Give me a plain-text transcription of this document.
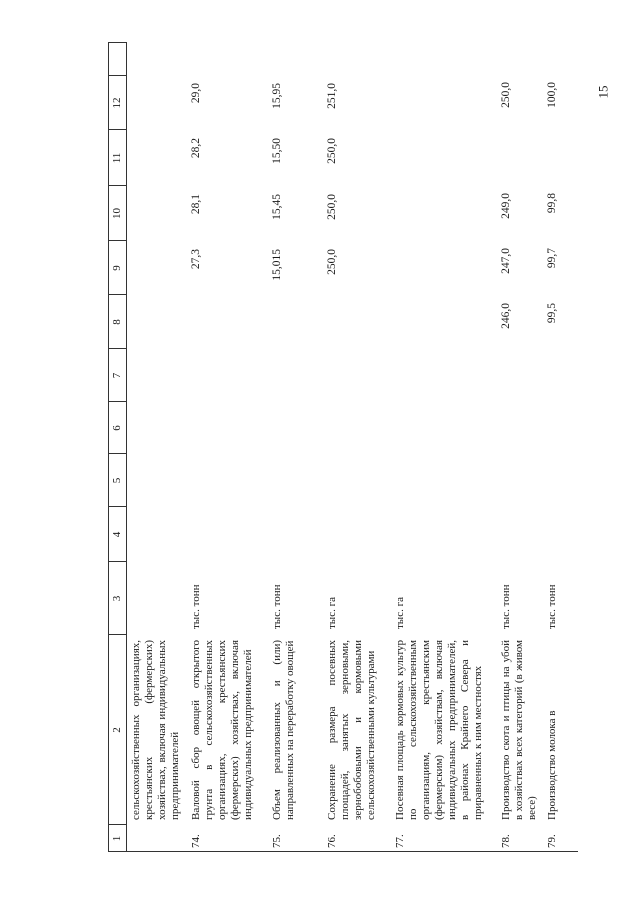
15
1
2
3
4
5
6
7
8
9
10
11
12
сельскохозяйственных организациях, крестьянских (фермерских) хозяйствах, включая индивидуальных предпринимателей
74.
Валовой сбор овощей открытого грунта в сельскохозяйственных организациях, крестьянских (фермерских) хозяйствах, включая индивидуальных предпринимателей
тыс. тонн
27,3
28,1
28,2
29,0
75.
Объем реализованных и (или) направленных на переработку овощей
тыс. тонн
15,015
15,45
15,50
15,95
76.
Сохранение размера посевных площадей, занятых зерновыми, зернобобовыми и кормовыми сельскохозяйственными культурами
тыс. га
250,0
250,0
250,0
251,0
77.
Посевная площадь кормовых культур по сельскохозяйственным организациям, крестьянским (фермерским) хозяйствам, включая индивидуальных предпринимателей, в районах Крайнего Севера и приравненных к ним местностях
тыс. га
78.
Производство скота и птицы на убой в хозяйствах всех категорий (в живом весе)
тыс. тонн
246,0
247,0
249,0
250,0
79.
Производство молока в
тыс. тонн
99,5
99,7
99,8
100,0
